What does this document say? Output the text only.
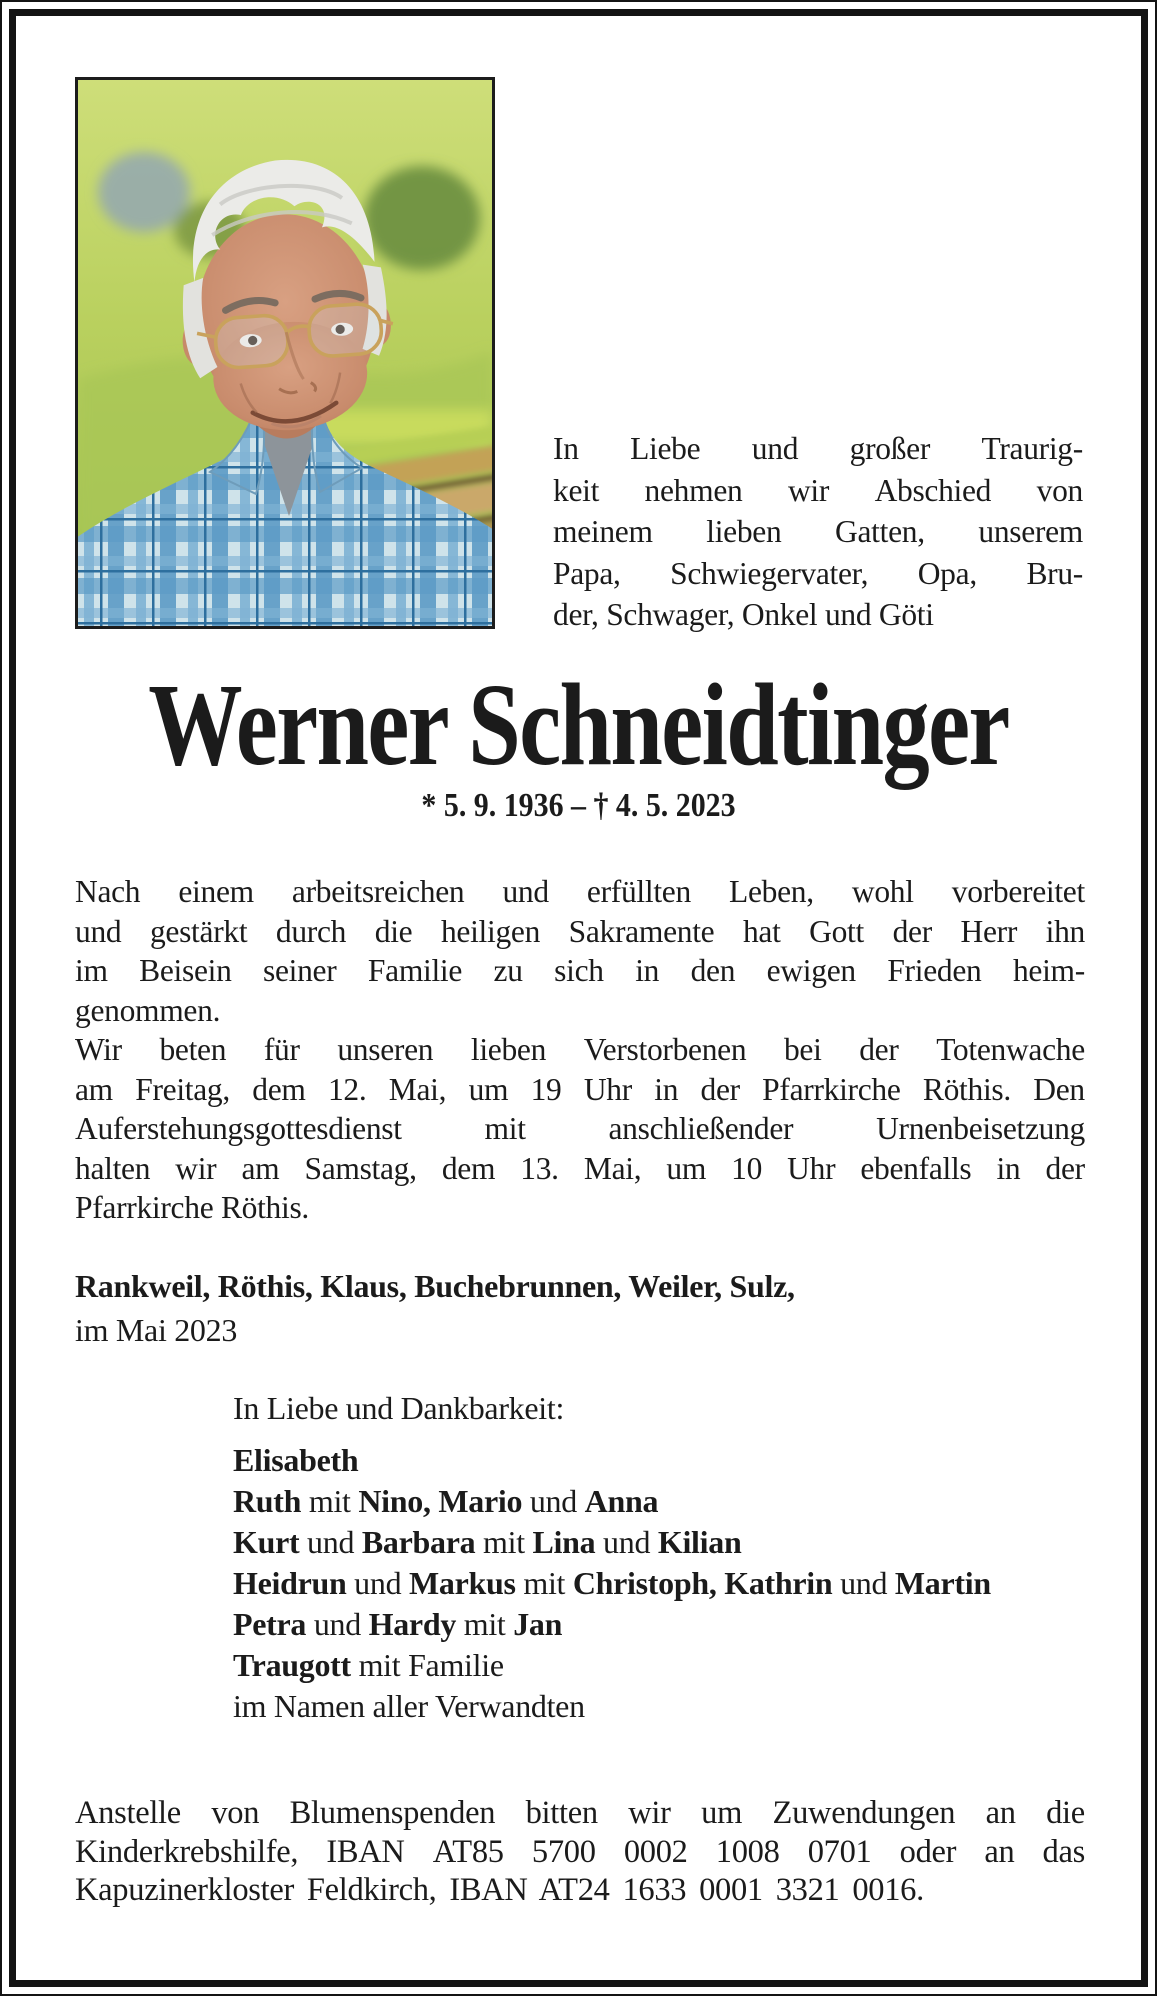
In Liebe und großer Traurig-
keit nehmen wir Abschied von
meinem lieben Gatten, unserem
Papa, Schwiegervater, Opa, Bru-
der, Schwager, Onkel und Göti
Werner Schneidtinger
* 5. 9. 1936 – † 4. 5. 2023
Nach einem arbeitsreichen und erfüllten Leben, wohl vorbereitet
und gestärkt durch die heiligen Sakramente hat Gott der Herr ihn
im Beisein seiner Familie zu sich in den ewigen Frieden heim-
genommen.
Wir beten für unseren lieben Verstorbenen bei der Totenwache
am Freitag, dem 12. Mai, um 19 Uhr in der Pfarrkirche Röthis. Den
Auferstehungsgottesdienst	mit	anschließender	Urnenbeisetzung
halten wir am Samstag, dem 13. Mai, um 10 Uhr ebenfalls in der
Pfarrkirche Röthis.
Rankweil, Röthis, Klaus, Buchebrunnen, Weiler, Sulz,
im Mai 2023
In Liebe und Dankbarkeit:
Elisabeth
Ruth mit Nino, Mario und Anna
Kurt und Barbara mit Lina und Kilian
Heidrun und Markus mit Christoph, Kathrin und Martin
Petra und Hardy mit Jan
Traugott mit Familie
im Namen aller Verwandten
Anstelle von Blumenspenden bitten wir um Zuwendungen an die
Kinderkrebshilfe, IBAN AT85 5700 0002 1008 0701 oder an das
Kapuzinerkloster Feldkirch, IBAN AT24 1633 0001 3321 0016.
